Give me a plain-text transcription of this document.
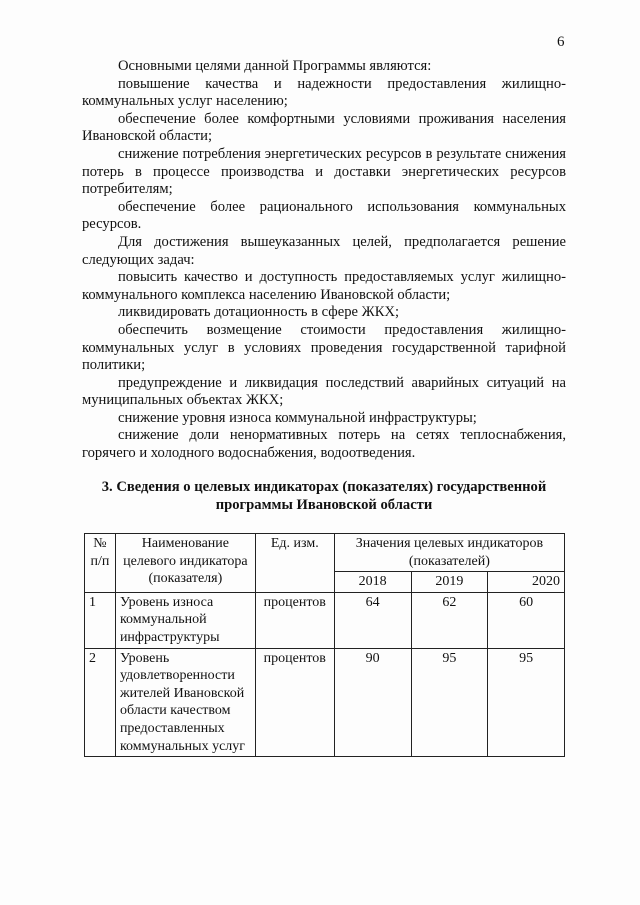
6

Основными целями данной Программы являются:

повышение качества и надежности предоставления жилищно-коммунальных услуг населению;

обеспечение более комфортными условиями проживания населения Ивановской области;

снижение потребления энергетических ресурсов в результате снижения потерь в процессе производства и доставки энергетических ресурсов потребителям;

обеспечение более рационального использования коммунальных ресурсов.

Для достижения вышеуказанных целей, предполагается решение следующих задач:

повысить качество и доступность предоставляемых услуг жилищно-коммунального комплекса населению Ивановской области;

ликвидировать дотационность в сфере ЖКХ;

обеспечить возмещение стоимости предоставления жилищно-коммунальных услуг в условиях проведения государственной тарифной политики;

предупреждение и ликвидация последствий аварийных ситуаций на муниципальных объектах ЖКХ;

снижение уровня износа коммунальной инфраструктуры;

снижение доли ненормативных потерь на сетях теплоснабжения, горячего и холодного водоснабжения, водоотведения.

3. Сведения о целевых индикаторах (показателях) государственной программы Ивановской области
№ п/п	Наименование целевого индикатора (показателя)	Ед. изм.	Значения целевых индикаторов (показателей)		
			2018	2019	2020
1	Уровень износа коммунальной инфраструктуры	процентов	64	62	60
2	Уровень удовлетворенности жителей Ивановской области качеством предоставленных коммунальных услуг	процентов	90	95	95
